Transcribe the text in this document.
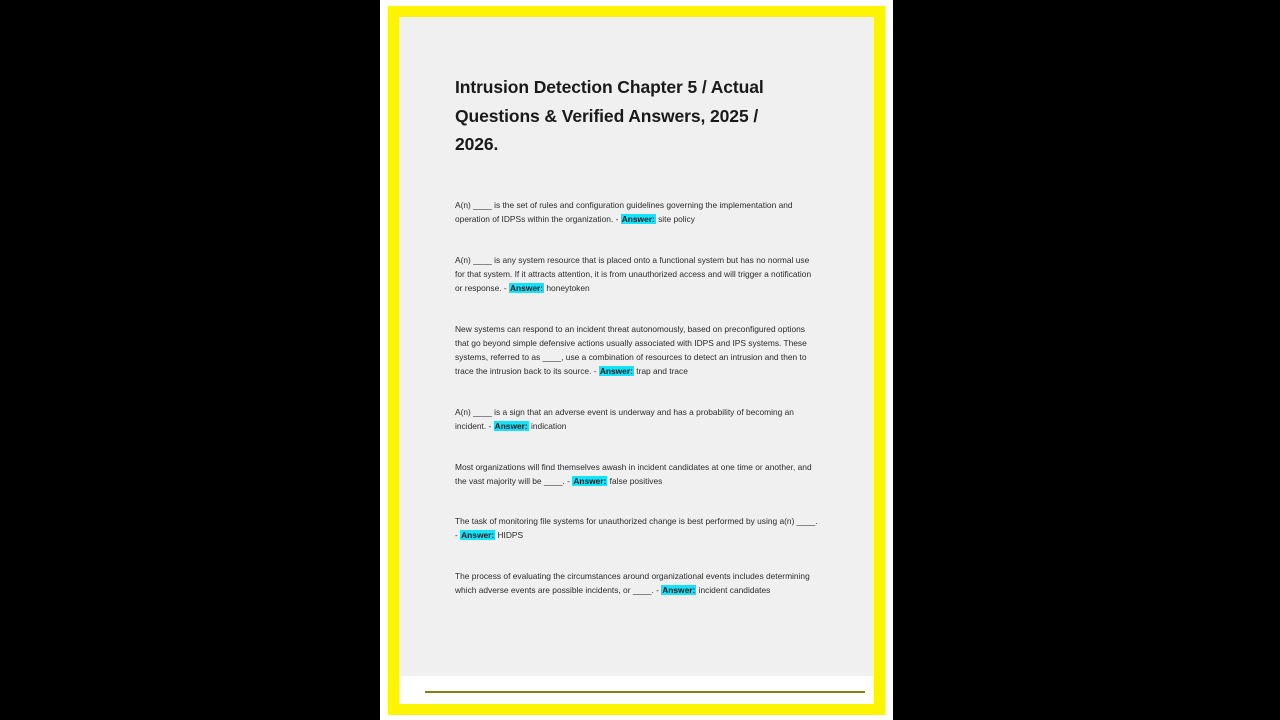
Intrusion Detection Chapter 5 / Actual Questions & Verified Answers, 2025 / 2026.

A(n) ____ is the set of rules and configuration guidelines governing the implementation and operation of IDPSs within the organization. - Answer: site policy

A(n) ____ is any system resource that is placed onto a functional system but has no normal use for that system. If it attracts attention, it is from unauthorized access and will trigger a notification or response. - Answer: honeytoken

New systems can respond to an incident threat autonomously, based on preconfigured options that go beyond simple defensive actions usually associated with IDPS and IPS systems. These systems, referred to as ____, use a combination of resources to detect an intrusion and then to trace the intrusion back to its source. - Answer: trap and trace

A(n) ____ is a sign that an adverse event is underway and has a probability of becoming an incident. - Answer: indication

Most organizations will find themselves awash in incident candidates at one time or another, and the vast majority will be ____. - Answer: false positives

The task of monitoring file systems for unauthorized change is best performed by using a(n) ____. - Answer: HIDPS

The process of evaluating the circumstances around organizational events includes determining which adverse events are possible incidents, or ____. - Answer: incident candidates
